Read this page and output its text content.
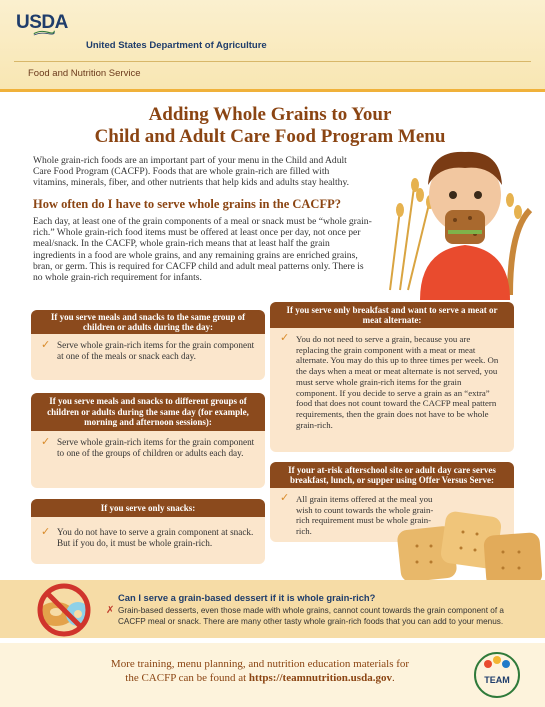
USDA
United States Department of Agriculture
Food and Nutrition Service
Adding Whole Grains to Your
Child and Adult Care Food Program Menu
Whole grain-rich foods are an important part of your menu in the Child and Adult Care Food Program (CACFP). Foods that are whole grain-rich are filled with vitamins, minerals, fiber, and other nutrients that help kids and adults stay healthy.
How often do I have to serve whole grains in the CACFP?
Each day, at least one of the grain components of a meal or snack must be “whole grain-rich.” Whole grain-rich food items must be offered at least once per day, not once per meal/snack. In the CACFP, whole grain-rich means that at least half the grain ingredients in a food are whole grains, and any remaining grains are enriched grains, bran, or germ. This is required for CACFP child and adult meal patterns only. There is no whole grain-rich requirement for infants.
If you serve meals and snacks to the same group of children or adults during the day:
✓ Serve whole grain-rich items for the grain component at one of the meals or snack each day.
If you serve meals and snacks to different groups of children or adults during the same day (for example, morning and afternoon sessions):
✓ Serve whole grain-rich items for the grain component to one of the groups of children or adults each day.
If you serve only snacks:
✓ You do not have to serve a grain component at snack. But if you do, it must be whole grain-rich.
If you serve only breakfast and want to serve a meat or meat alternate:
✓ You do not need to serve a grain, because you are replacing the grain component with a meat or meat alternate. You may do this up to three times per week. On the days when a meat or meat alternate is not served, you must serve whole grain-rich items for the grain component. If you decide to serve a grain as an “extra” food that does not count toward the CACFP meal pattern requirements, then the grain does not have to be whole grain-rich.
If your at-risk afterschool site or adult day care serves breakfast, lunch, or supper using Offer Versus Serve:
✓ All grain items offered at the meal you wish to count towards the whole grain-rich requirement must be whole grain-rich.
Can I serve a grain-based dessert if it is whole grain-rich?
✗ Grain-based desserts, even those made with whole grains, cannot count towards the grain component of a CACFP meal or snack. There are many other tasty whole grain-rich foods that you can add to your menus.
More training, menu planning, and nutrition education materials for
the CACFP can be found at https://teamnutrition.usda.gov.	TEAM
